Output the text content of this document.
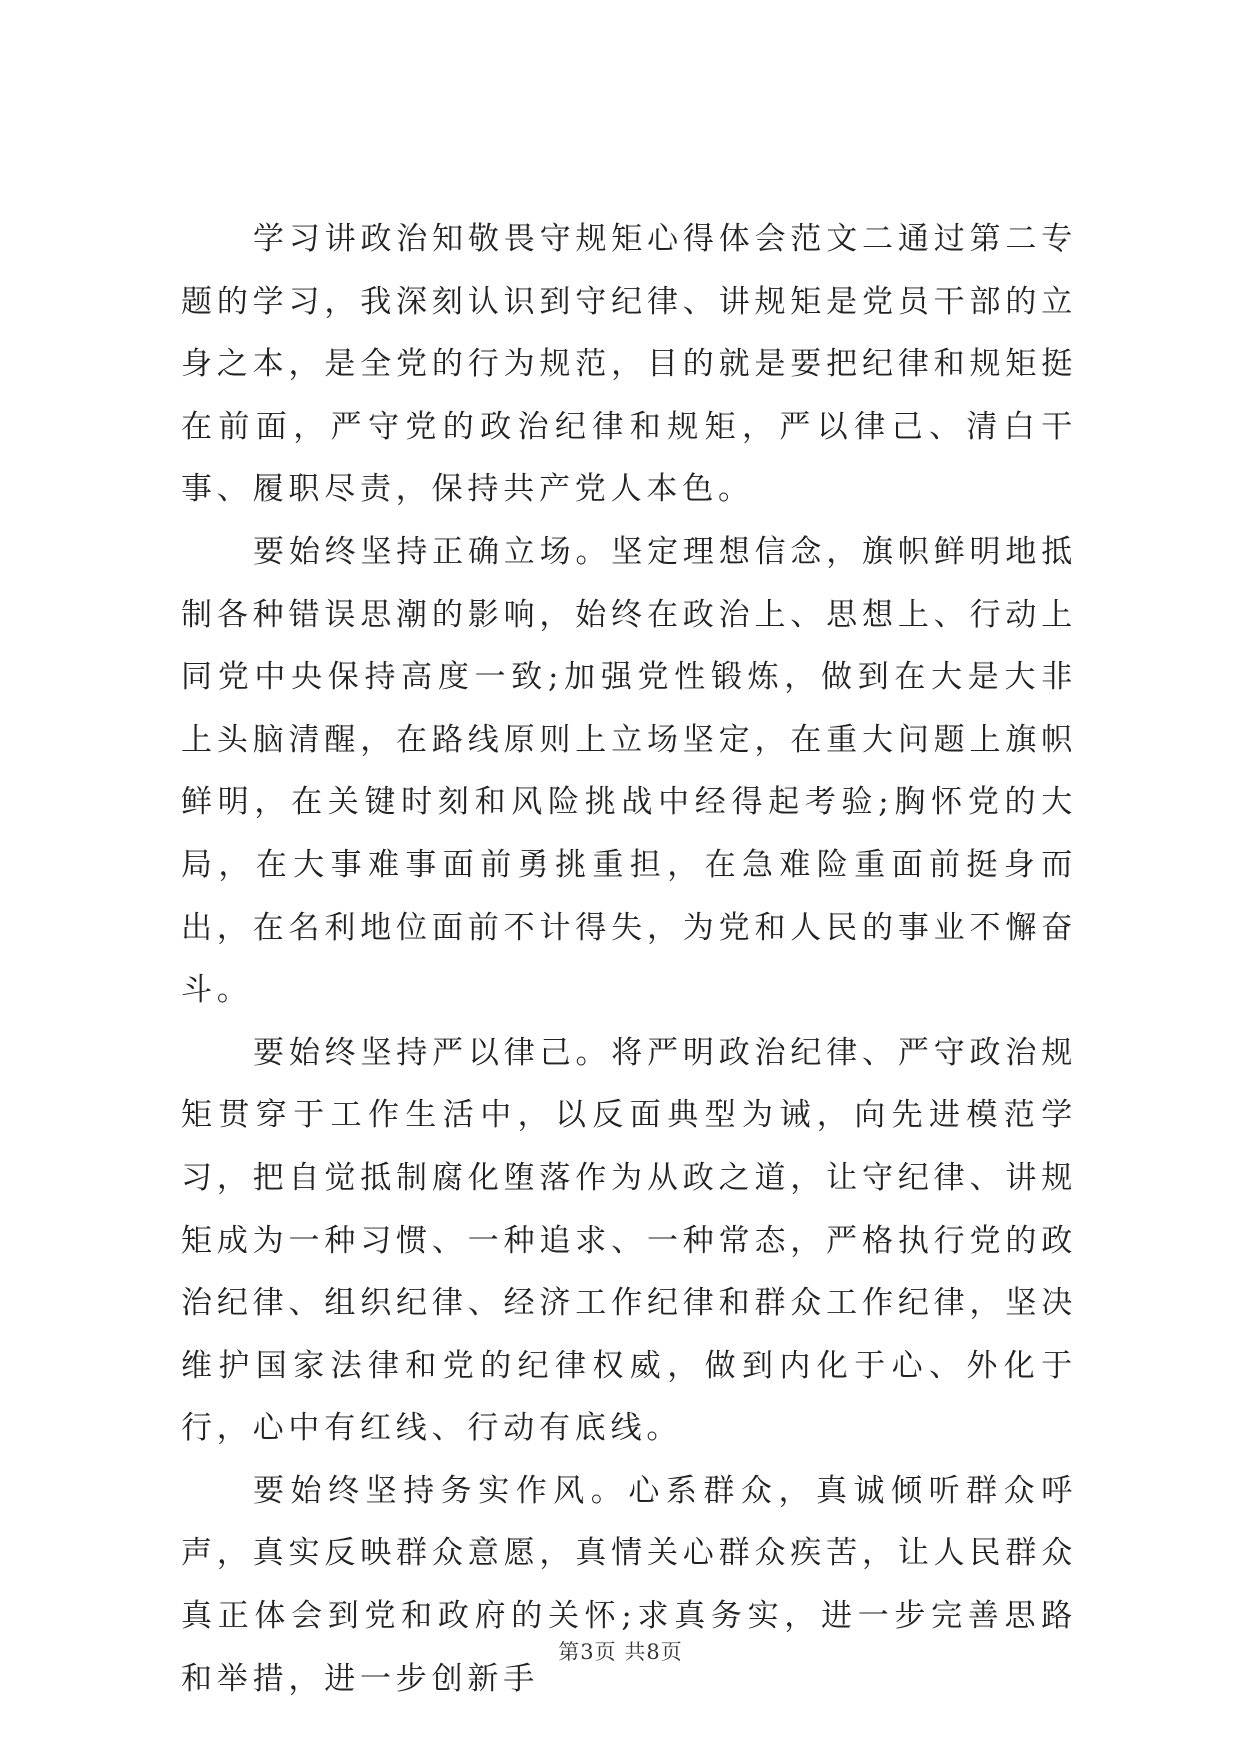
学习讲政治知敬畏守规矩心得体会范文二通过第二专题的学习，我深刻认识到守纪律、讲规矩是党员干部的立身之本，是全党的行为规范，目的就是要把纪律和规矩挺在前面，严守党的政治纪律和规矩，严以律己、清白干事、履职尽责，保持共产党人本色。

要始终坚持正确立场。坚定理想信念，旗帜鲜明地抵制各种错误思潮的影响，始终在政治上、思想上、行动上同党中央保持高度一致;加强党性锻炼，做到在大是大非上头脑清醒，在路线原则上立场坚定，在重大问题上旗帜鲜明，在关键时刻和风险挑战中经得起考验;胸怀党的大局，在大事难事面前勇挑重担，在急难险重面前挺身而出，在名利地位面前不计得失，为党和人民的事业不懈奋斗。

要始终坚持严以律己。将严明政治纪律、严守政治规矩贯穿于工作生活中，以反面典型为诫，向先进模范学习，把自觉抵制腐化堕落作为从政之道，让守纪律、讲规矩成为一种习惯、一种追求、一种常态，严格执行党的政治纪律、组织纪律、经济工作纪律和群众工作纪律，坚决维护国家法律和党的纪律权威，做到内化于心、外化于行，心中有红线、行动有底线。

要始终坚持务实作风。心系群众，真诚倾听群众呼声，真实反映群众意愿，真情关心群众疾苦，让人民群众真正体会到党和政府的关怀;求真务实，进一步完善思路和举措，进一步创新手

第3页 共8页
